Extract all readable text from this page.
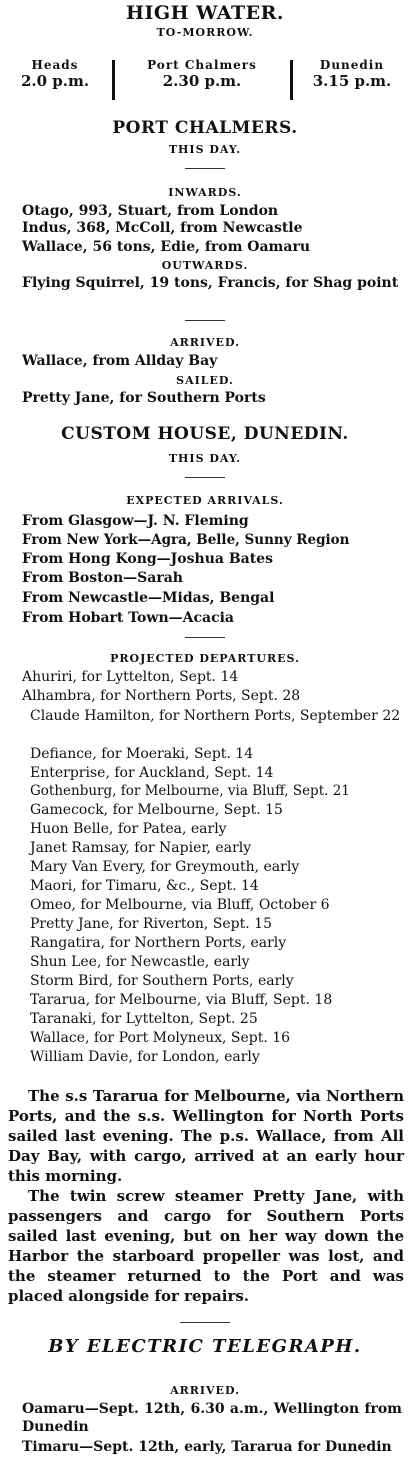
HIGH WATER.
TO-MORROW.
Heads
2.0 p.m.
Port Chalmers
2.30 p.m.
Dunedin
3.15 p.m.
PORT CHALMERS.
THIS DAY.
INWARDS.
Otago, 993, Stuart, from London
Indus, 368, McColl, from Newcastle
Wallace, 56 tons, Edie, from Oamaru
OUTWARDS.
Flying Squirrel, 19 tons, Francis, for Shag point
ARRIVED.
Wallace, from Allday Bay
SAILED.
Pretty Jane, for Southern Ports
CUSTOM HOUSE, DUNEDIN.
THIS DAY.
EXPECTED ARRIVALS.
From Glasgow—J. N. Fleming
From New York—Agra, Belle, Sunny Region
From Hong Kong—Joshua Bates
From Boston—Sarah
From Newcastle—Midas, Bengal
From Hobart Town—Acacia
PROJECTED DEPARTURES.
Ahuriri, for Lyttelton, Sept. 14
Alhambra, for Northern Ports, Sept. 28
Claude Hamilton, for Northern Ports, September 22
Defiance, for Moeraki, Sept. 14
Enterprise, for Auckland, Sept. 14
Gothenburg, for Melbourne, via Bluff, Sept. 21
Gamecock, for Melbourne, Sept. 15
Huon Belle, for Patea, early
Janet Ramsay, for Napier, early
Mary Van Every, for Greymouth, early
Maori, for Timaru, &c., Sept. 14
Omeo, for Melbourne, via Bluff, October 6
Pretty Jane, for Riverton, Sept. 15
Rangatira, for Northern Ports, early
Shun Lee, for Newcastle, early
Storm Bird, for Southern Ports, early
Tararua, for Melbourne, via Bluff, Sept. 18
Taranaki, for Lyttelton, Sept. 25
Wallace, for Port Molyneux, Sept. 16
William Davie, for London, early
The s.s Tararua for Melbourne, via Northern Ports, and the s.s. Wellington for North Ports sailed last evening. The p.s. Wallace, from All Day Bay, with cargo, arrived at an early hour this morning.
The twin screw steamer Pretty Jane, with passengers and cargo for Southern Ports sailed last evening, but on her way down the Harbor the starboard propeller was lost, and the steamer returned to the Port and was placed alongside for repairs.
BY ELECTRIC TELEGRAPH.
ARRIVED.
Oamaru—Sept. 12th, 6.30 a.m., Wellington from Dunedin
Timaru—Sept. 12th, early, Tararua for Dunedin
